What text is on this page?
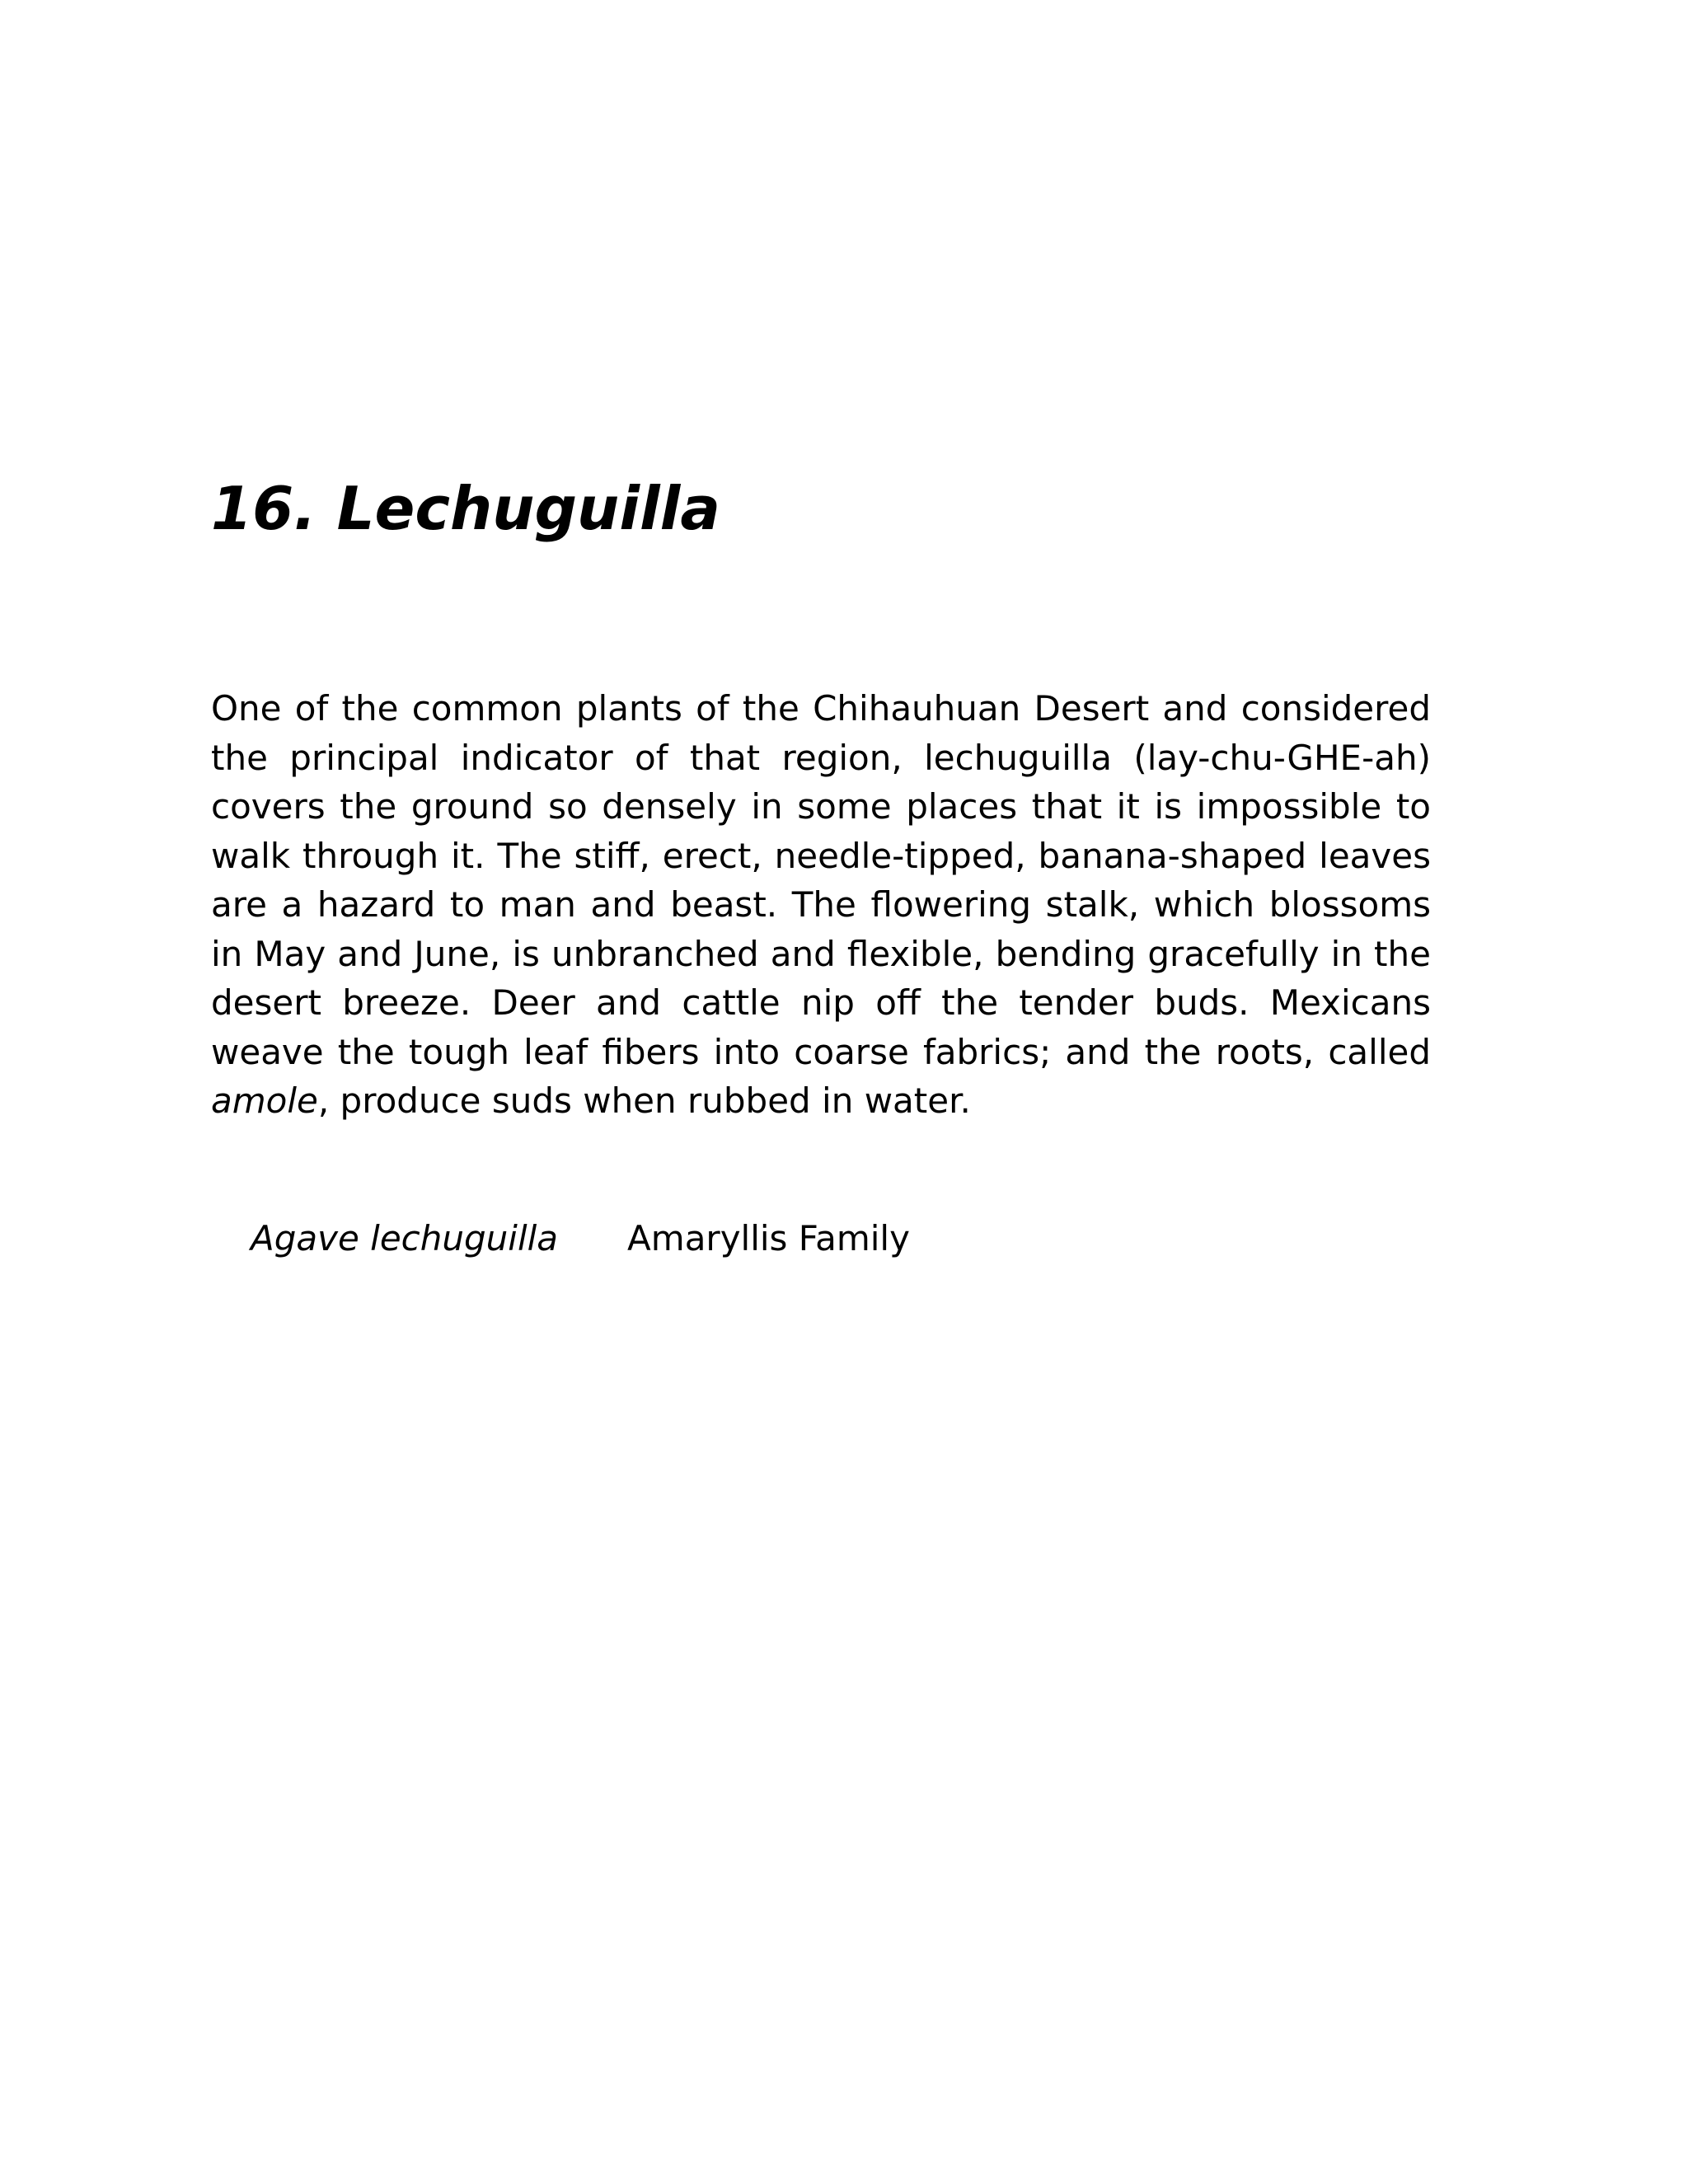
16. Lechuguilla

One of the common plants of the Chihauhuan Desert and considered the principal indicator of that region, lechuguilla (lay-chu-GHE-ah) covers the ground so densely in some places that it is impossible to walk through it. The stiff, erect, needle-tipped, banana-shaped leaves are a hazard to man and beast. The flowering stalk, which blossoms in May and June, is unbranched and flexible, bending gracefully in the desert breeze. Deer and cattle nip off the tender buds. Mexicans weave the tough leaf fibers into coarse fabrics; and the roots, called amole, produce suds when rubbed in water.

Agave lechuguilla Amaryllis Family
